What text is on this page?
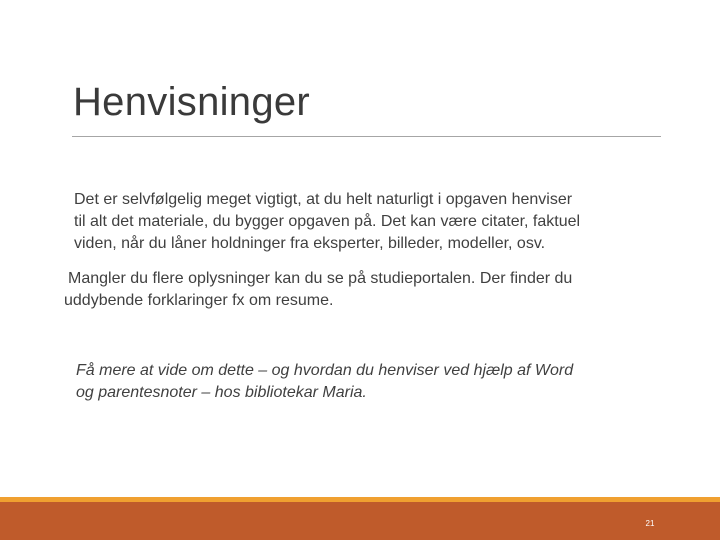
Henvisninger

Det er selvfølgelig meget vigtigt, at du helt naturligt i opgaven henviser
til alt det materiale, du bygger opgaven på. Det kan være citater, faktuel
viden, når du låner holdninger fra eksperter, billeder, modeller, osv.

Mangler du flere oplysninger kan du se på studieportalen. Der finder du
uddybende forklaringer fx om resume.

Få mere at vide om dette – og hvordan du henviser ved hjælp af Word
og parentesnoter – hos bibliotekar Maria.

21
